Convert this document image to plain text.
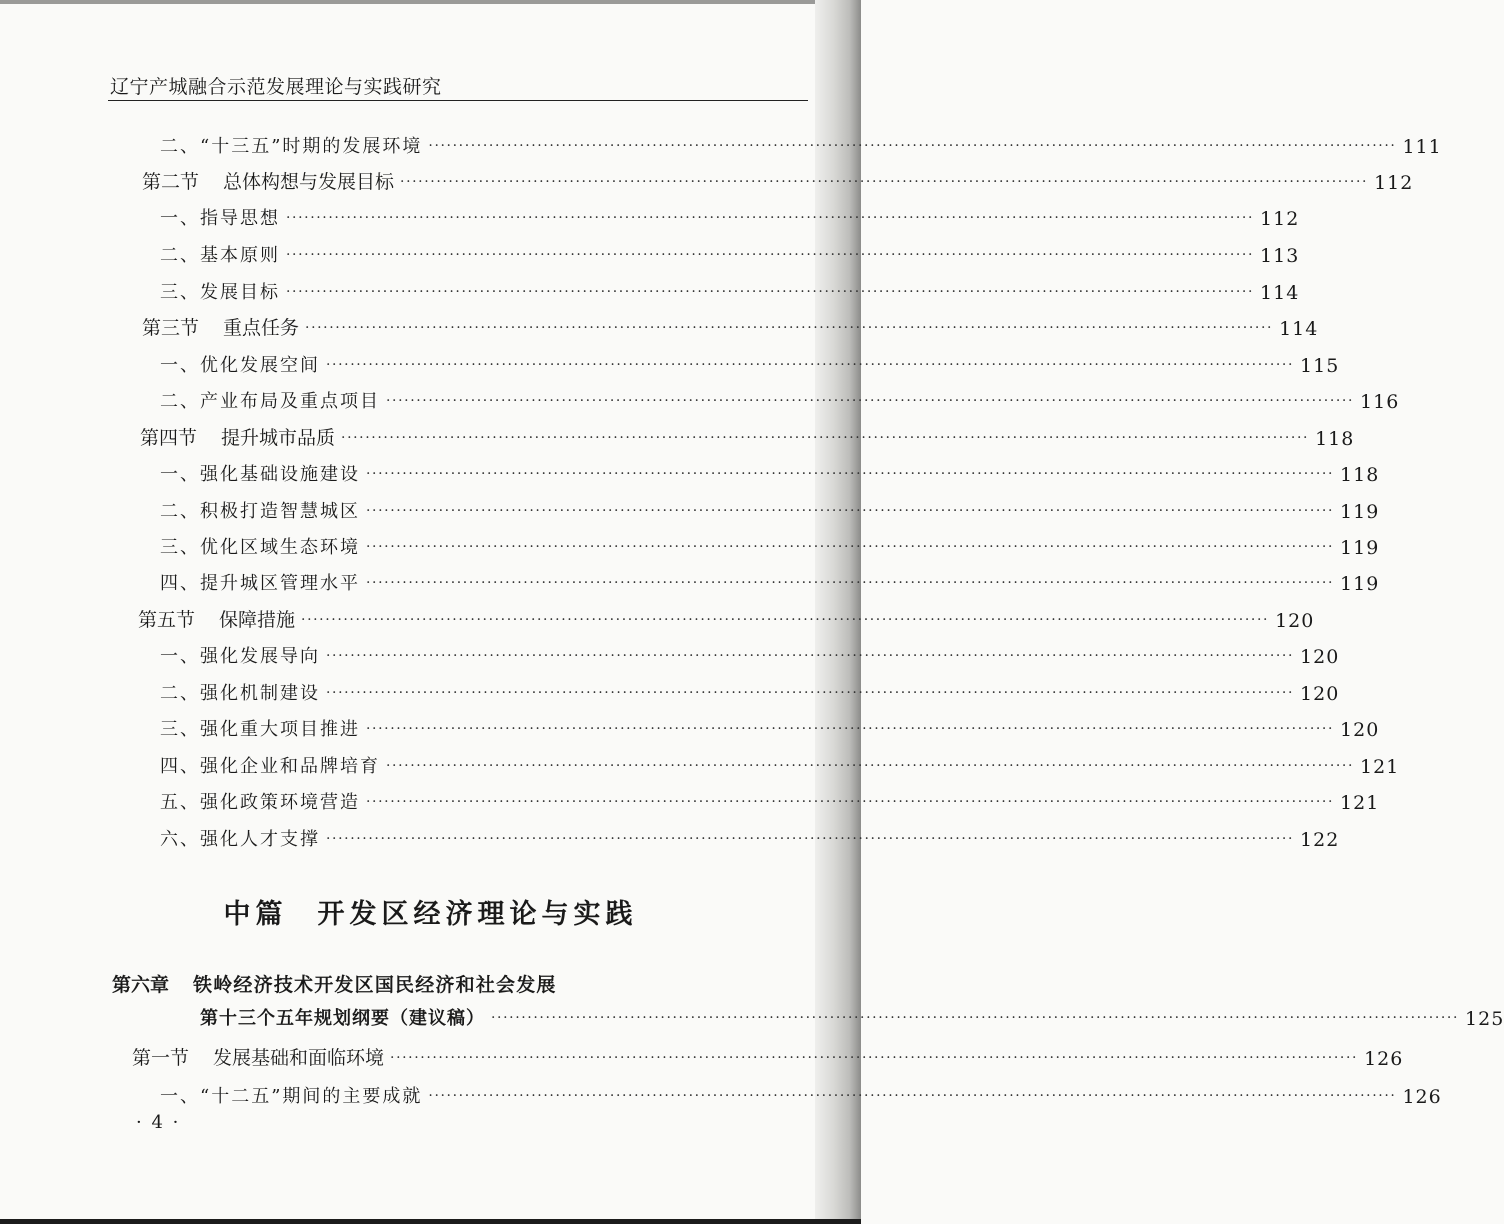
辽宁产城融合示范发展理论与实践研究
二、 “十三五”时期的发展环境 ································································································································································ 111
第二节 总体构想与发展目标 ································································································································································ 112
一、 指导思想 ································································································································································ 112
二、 基本原则 ································································································································································ 113
三、 发展目标 ································································································································································ 114
第三节 重点任务 ································································································································································ 114
一、 优化发展空间 ································································································································································ 115
二、 产业布局及重点项目 ································································································································································ 116
第四节 提升城市品质 ································································································································································ 118
一、 强化基础设施建设 ································································································································································ 118
二、 积极打造智慧城区 ································································································································································ 119
三、 优化区域生态环境 ································································································································································ 119
四、 提升城区管理水平 ································································································································································ 119
第五节 保障措施 ································································································································································ 120
一、 强化发展导向 ································································································································································ 120
二、 强化机制建设 ································································································································································ 120
三、 强化重大项目推进 ································································································································································ 120
四、 强化企业和品牌培育 ································································································································································ 121
五、 强化政策环境营造 ································································································································································ 121
六、 强化人才支撑 ································································································································································ 122
中篇 开发区经济理论与实践
第六章 铁岭经济技术开发区国民经济和社会发展
第十三个五年规划纲要（建议稿） ································································································································································ 125
第一节 发展基础和面临环境 ································································································································································ 126
一、 “十二五”期间的主要成就 ································································································································································ 126
· 4 ·
